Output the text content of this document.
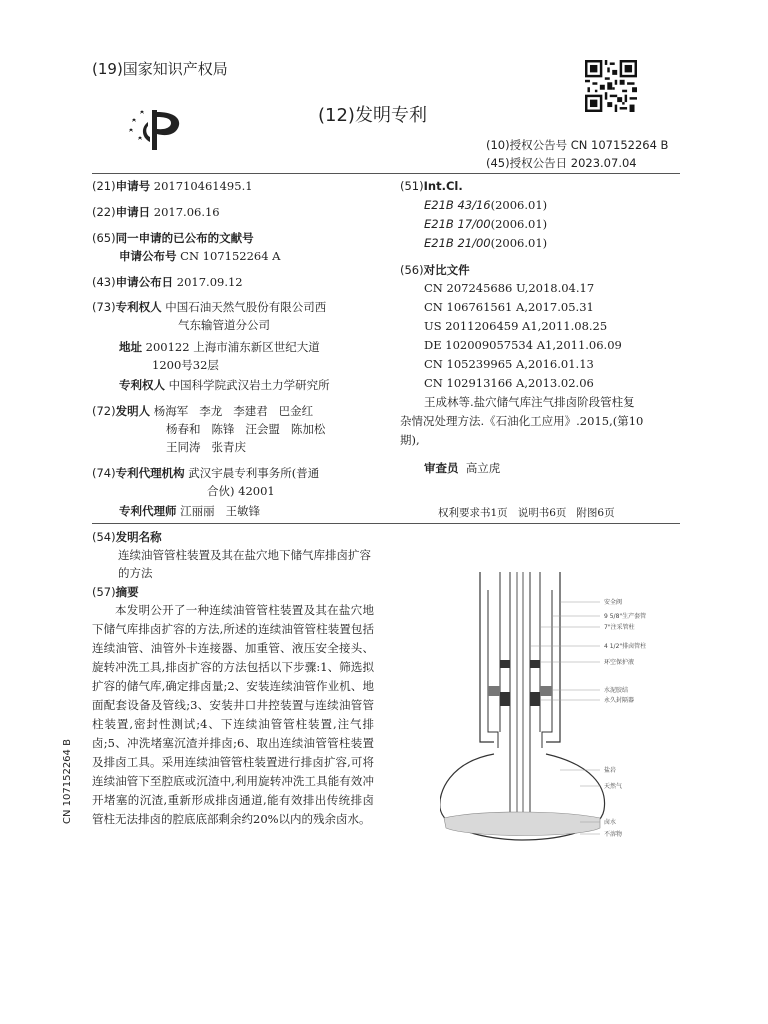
(19)国家知识产权局
(12)发明专利
(10)授权公告号 CN 107152264 B
(45)授权公告日 2023.07.04
(21)申请号 201710461495.1
(22)申请日 2017.06.16
(65)同一申请的已公布的文献号
申请公布号 CN 107152264 A
(43)申请公布日 2017.09.12
(73)专利权人 中国石油天然气股份有限公司西
气东输管道分公司
地址 200122 上海市浦东新区世纪大道
1200号32层
专利权人 中国科学院武汉岩土力学研究所
(72)发明人 杨海军   李龙   李建君   巴金红
杨春和   陈锋   汪会盟   陈加松
王同涛   张青庆
(74)专利代理机构 武汉宇晨专利事务所(普通
合伙) 42001
专利代理师 江丽丽   王敏锋
(51)Int.Cl.
E21B 43/16(2006.01)
E21B 17/00(2006.01)
E21B 21/00(2006.01)
(56)对比文件
CN 207245686 U,2018.04.17
CN 106761561 A,2017.05.31
US 2011206459 A1,2011.08.25
DE 102009057534 A1,2011.06.09
CN 105239965 A,2016.01.13
CN 102913166 A,2013.02.06
王成林等.盐穴储气库注气排卤阶段管柱复
杂情况处理方法.《石油化工应用》.2015,(第10
期),
审查员 高立虎
权利要求书1页   说明书6页   附图6页
(54)发明名称
连续油管管柱装置及其在盐穴地下储气库排卤扩容的方法
(57)摘要
本发明公开了一种连续油管管柱装置及其在盐穴地下储气库排卤扩容的方法,所述的连续油管管柱装置包括连续油管、油管外卡连接器、加重管、液压安全接头、旋转冲洗工具,排卤扩容的方法包括以下步骤:1、筛选拟扩容的储气库,确定排卤量;2、安装连续油管作业机、地面配套设备及管线;3、安装井口井控装置与连续油管管柱装置,密封性测试;4、下连续油管管柱装置,注气排卤;5、冲洗堵塞沉渣并排卤;6、取出连续油管管柱装置及排卤工具。采用连续油管管柱装置进行排卤扩容,可将连续油管下至腔底或沉渣中,利用旋转冲洗工具能有效冲开堵塞的沉渣,重新形成排卤通道,能有效排出传统排卤管柱无法排卤的腔底底部剩余约20%以内的残余卤水。
CN 107152264 B
安全阀
9 5/8"生产套管
7"注采管柱
4 1/2"排卤管柱
环空保护液
水泥胶结
永久封隔器
盐岩
天然气
卤水
不溶物
